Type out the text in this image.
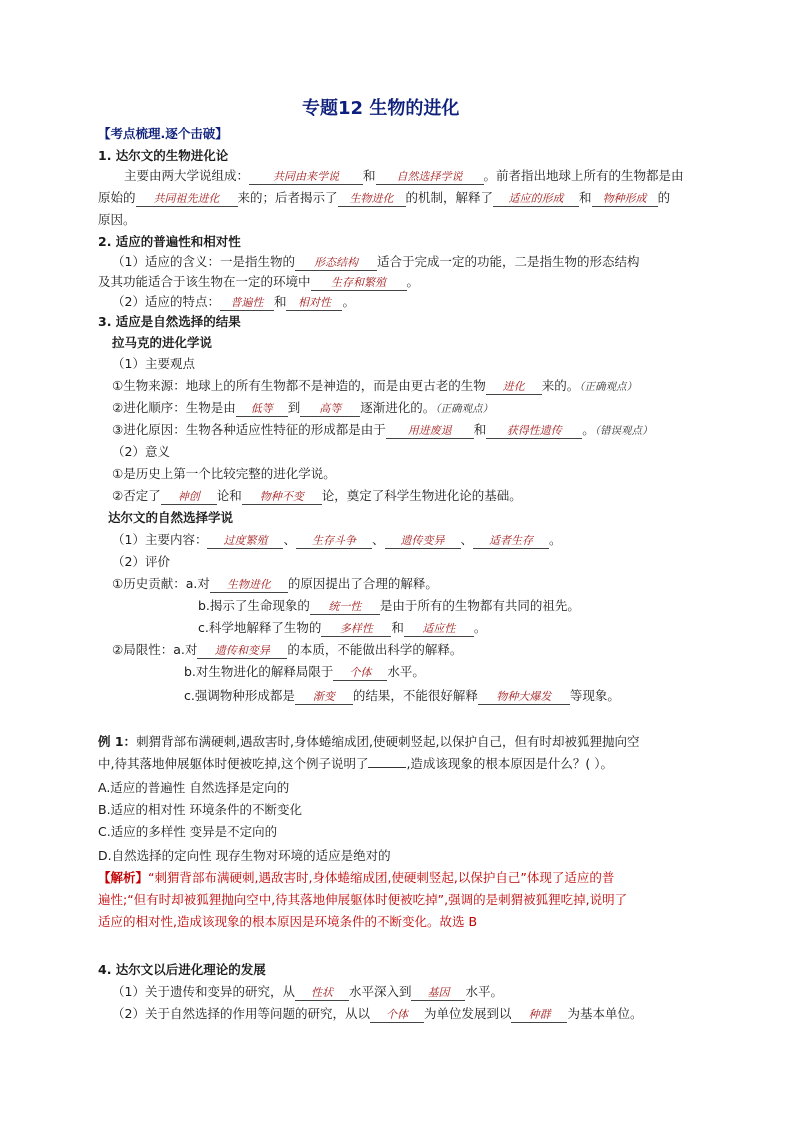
专题12 生物的进化
【考点梳理.逐个击破】
1. 达尔文的生物进化论
主要由两大学说组成： 共同由来学说 和 自然选择学说 。前者指出地球上所有的生物都是由
原始的 共同祖先进化 来的；后者揭示了 生物进化 的机制，解释了 适应的形成 和 物种形成 的
原因。
2. 适应的普遍性和相对性
（1）适应的含义：一是指生物的 形态结构 适合于完成一定的功能，二是指生物的形态结构
及其功能适合于该生物在一定的环境中 生存和繁殖 。
（2）适应的特点： 普遍性 和 相对性 。
3. 适应是自然选择的结果
拉马克的进化学说
（1）主要观点
①生物来源：地球上的所有生物都不是神造的，而是由更古老的生物 进化 来的。（正确观点）
②进化顺序：生物是由 低等 到 高等 逐渐进化的。（正确观点）
③进化原因：生物各种适应性特征的形成都是由于 用进废退 和 获得性遗传 。（错误观点）
（2）意义
①是历史上第一个比较完整的进化学说。
②否定了 神创 论和 物种不变 论，奠定了科学生物进化论的基础。
达尔文的自然选择学说
（1）主要内容： 过度繁殖 、 生存斗争 、 遗传变异 、 适者生存 。
（2）评价
①历史贡献：a.对 生物进化 的原因提出了合理的解释。
b.揭示了生命现象的 统一性 是由于所有的生物都有共同的祖先。
c.科学地解释了生物的 多样性 和 适应性 。
②局限性：a.对 遗传和变异 的本质，不能做出科学的解释。
b.对生物进化的解释局限于 个体 水平。
c.强调物种形成都是 渐变 的结果，不能很好解释 物种大爆发 等现象。
例 1：刺猬背部布满硬刺,遇敌害时,身体蜷缩成团,使硬刺竖起,以保护自己，但有时却被狐狸抛向空
中,待其落地伸展躯体时便被吃掉,这个例子说明了	,造成该现象的根本原因是什么？( ）。
A.适应的普遍性 自然选择是定向的
B.适应的相对性 环境条件的不断变化
C.适应的多样性 变异是不定向的
D.自然选择的定向性 现存生物对环境的适应是绝对的
【解析】“刺猬背部布满硬刺,遇敌害时,身体蜷缩成团,使硬刺竖起,以保护自己”体现了适应的普
遍性;“但有时却被狐狸抛向空中,待其落地伸展躯体时便被吃掉”,强调的是刺猬被狐狸吃掉,说明了
适应的相对性,造成该现象的根本原因是环境条件的不断变化。故选 B
4. 达尔文以后进化理论的发展
（1）关于遗传和变异的研究，从 性状 水平深入到 基因 水平。
（2）关于自然选择的作用等问题的研究，从以 个体 为单位发展到以 种群 为基本单位。
